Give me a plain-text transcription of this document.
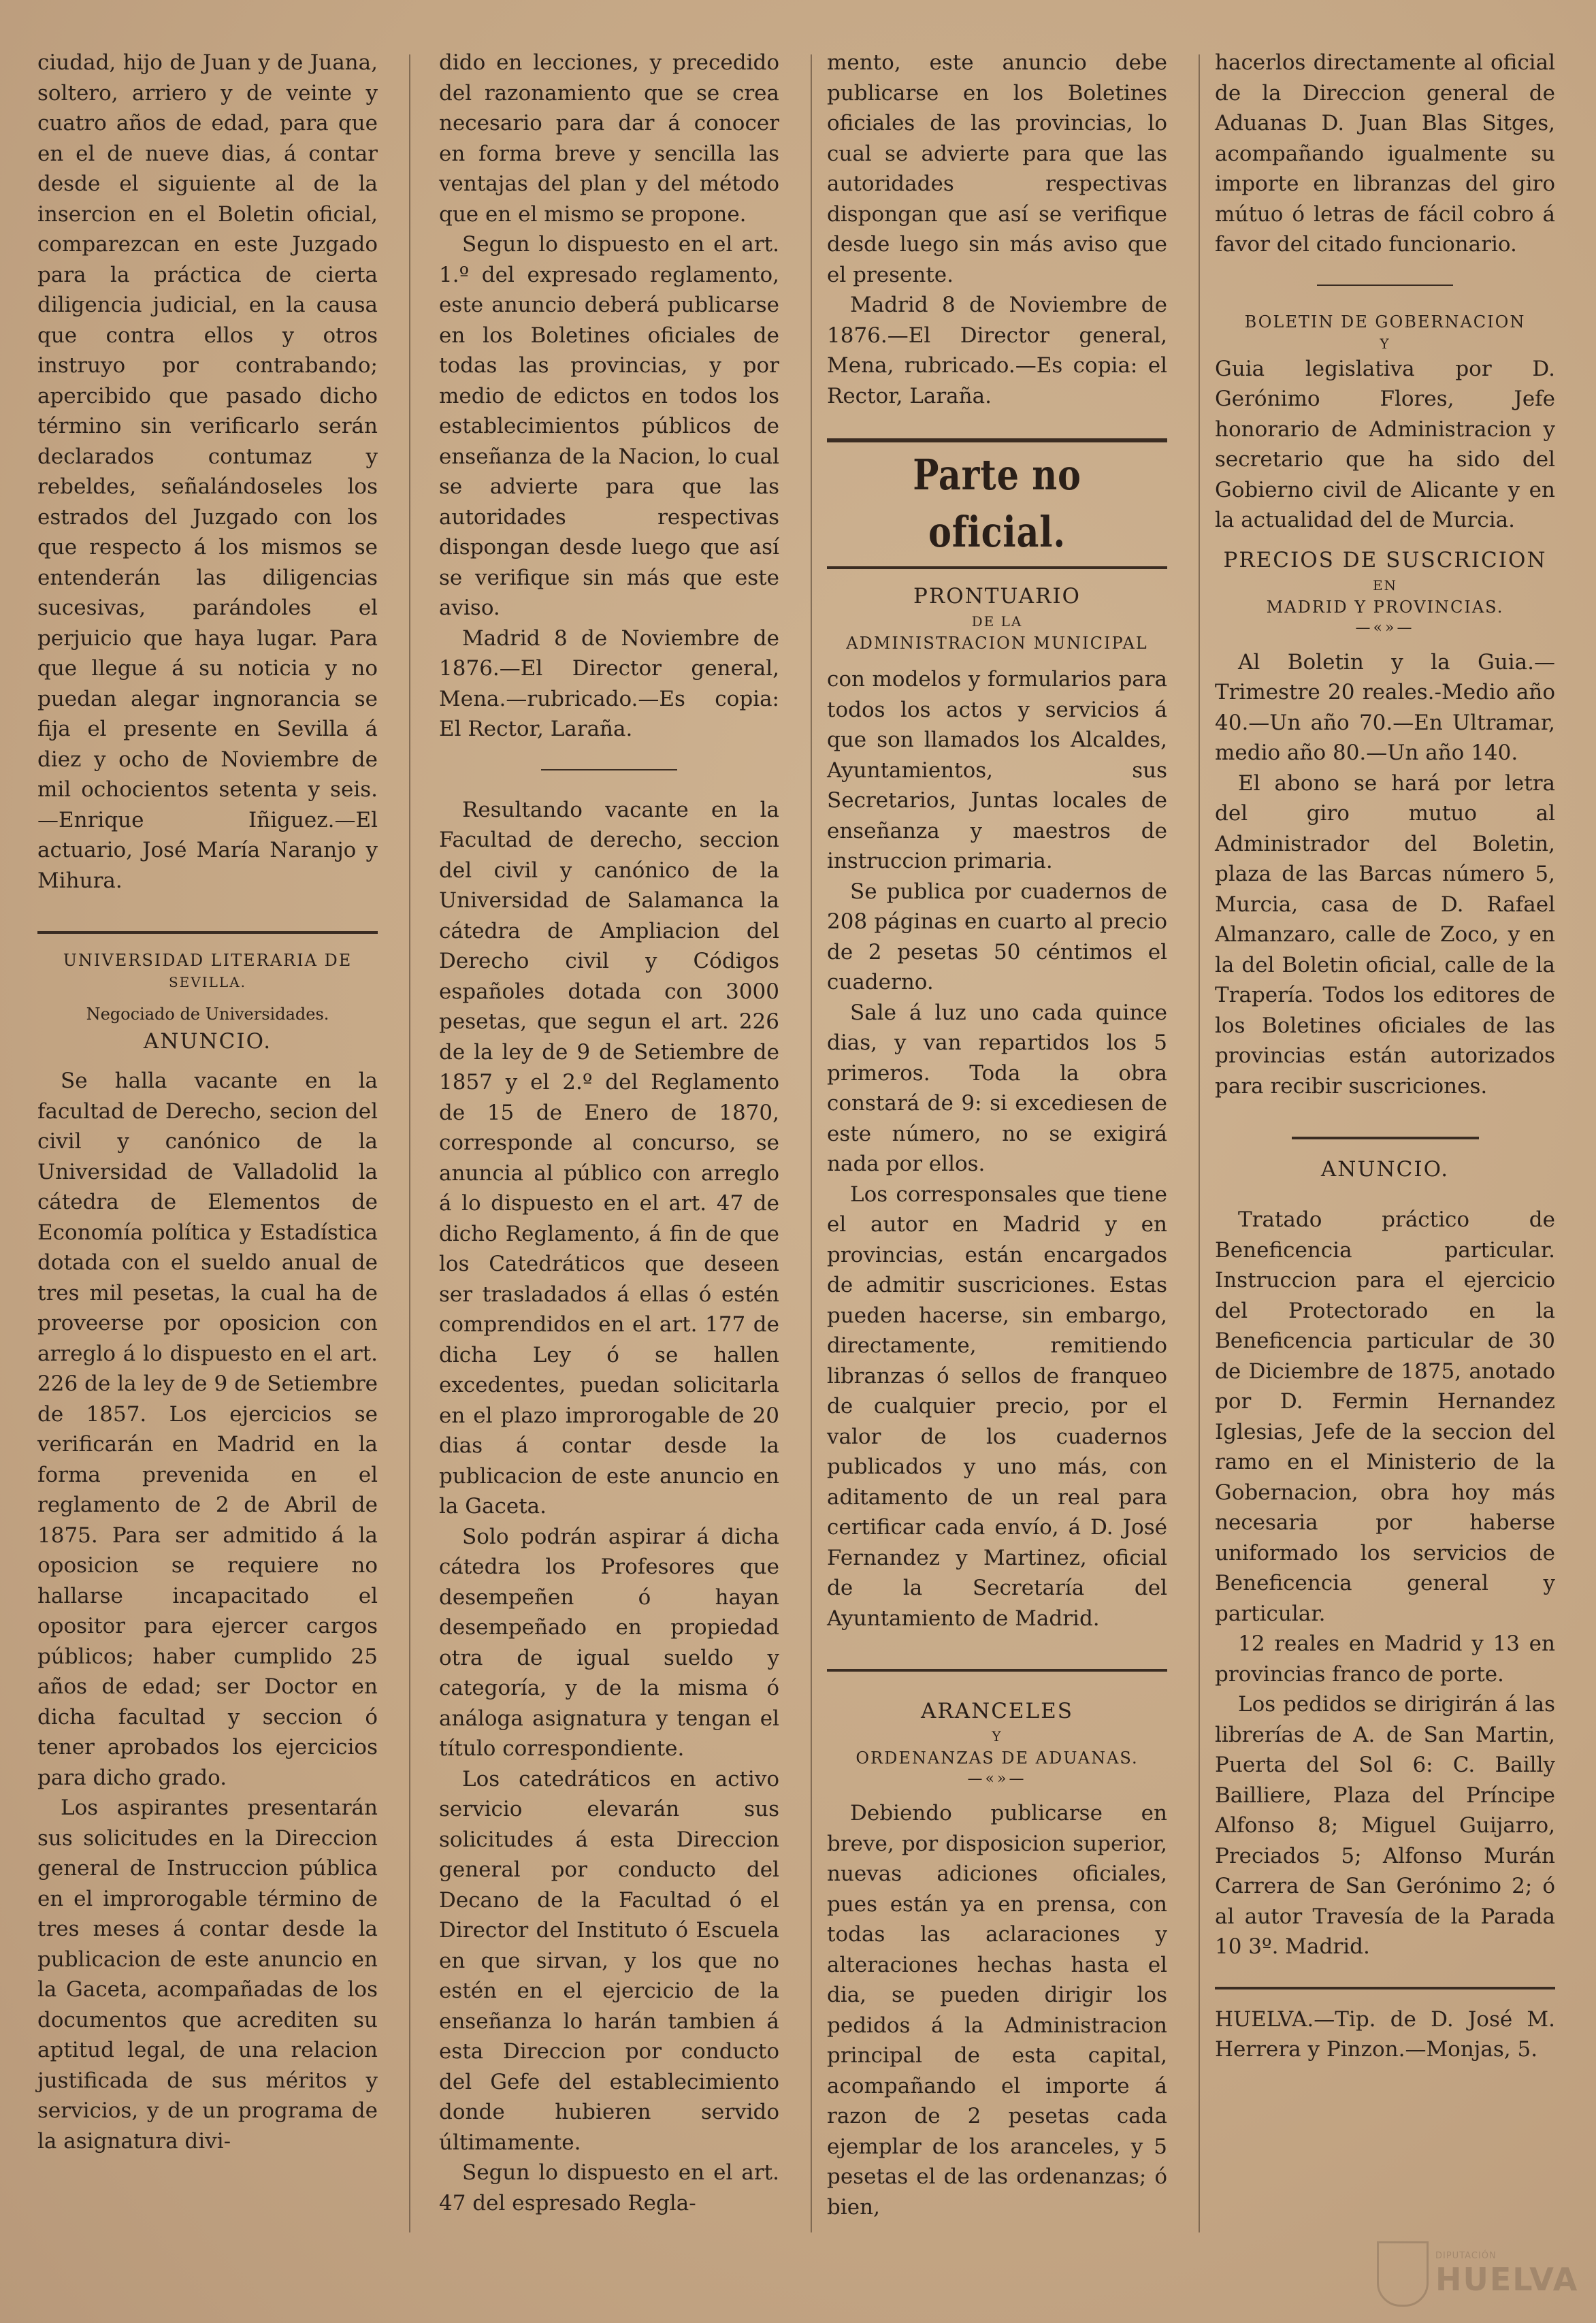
ciudad, hijo de Juan y de Juana, soltero, arriero y de veinte y cuatro años de edad, para que en el de nueve dias, á contar desde el siguiente al de la insercion en el Boletin oficial, comparezcan en este Juzgado para la práctica de cierta diligencia judicial, en la causa que contra ellos y otros instruyo por contrabando; apercibido que pasado dicho término sin verificarlo serán declarados contumaz y rebeldes, señalándoseles los estrados del Juzgado con los que respecto á los mismos se entenderán las diligencias sucesivas, parándoles el perjuicio que haya lugar. Para que llegue á su noticia y no puedan alegar ingnorancia se fija el presente en Sevilla á diez y ocho de Noviembre de mil ochocientos setenta y seis.—Enrique Iñiguez.—El actuario, José María Naranjo y Mihura.

UNIVERSIDAD LITERARIA DE
SEVILLA.
Negociado de Universidades.
ANUNCIO.

Se halla vacante en la facultad de Derecho, secion del civil y canónico de la Universidad de Valladolid la cátedra de Elementos de Economía política y Estadística dotada con el sueldo anual de tres mil pesetas, la cual ha de proveerse por oposicion con arreglo á lo dispuesto en el art. 226 de la ley de 9 de Setiembre de 1857. Los ejercicios se verificarán en Madrid en la forma prevenida en el reglamento de 2 de Abril de 1875. Para ser admitido á la oposicion se requiere no hallarse incapacitado el opositor para ejercer cargos públicos; haber cumplido 25 años de edad; ser Doctor en dicha facultad y seccion ó tener aprobados los ejercicios para dicho grado.

Los aspirantes presentarán sus solicitudes en la Direccion general de Instruccion pública en el improrogable término de tres meses á contar desde la publicacion de este anuncio en la Gaceta, acompañadas de los documentos que acrediten su aptitud legal, de una relacion justificada de sus méritos y servicios, y de un programa de la asignatura divi-

dido en lecciones, y precedido del razonamiento que se crea necesario para dar á conocer en forma breve y sencilla las ventajas del plan y del método que en el mismo se propone.

Segun lo dispuesto en el art. 1.º del expresado reglamento, este anuncio deberá publicarse en los Boletines oficiales de todas las provincias, y por medio de edictos en todos los establecimientos públicos de enseñanza de la Nacion, lo cual se advierte para que las autoridades respectivas dispongan desde luego que así se verifique sin más que este aviso.

Madrid 8 de Noviembre de 1876.—El Director general, Mena.—rubricado.—Es copia: El Rector, Laraña.

Resultando vacante en la Facultad de derecho, seccion del civil y canónico de la Universidad de Salamanca la cátedra de Ampliacion del Derecho civil y Códigos españoles dotada con 3000 pesetas, que segun el art. 226 de la ley de 9 de Setiembre de 1857 y el 2.º del Reglamento de 15 de Enero de 1870, corresponde al concurso, se anuncia al público con arreglo á lo dispuesto en el art. 47 de dicho Reglamento, á fin de que los Catedráticos que deseen ser trasladados á ellas ó estén comprendidos en el art. 177 de dicha Ley ó se hallen excedentes, puedan solicitarla en el plazo improrogable de 20 dias á contar desde la publicacion de este anuncio en la Gaceta.

Solo podrán aspirar á dicha cátedra los Profesores que desempeñen ó hayan desempeñado en propiedad otra de igual sueldo y categoría, y de la misma ó análoga asignatura y tengan el título correspondiente.

Los catedráticos en activo servicio elevarán sus solicitudes á esta Direccion general por conducto del Decano de la Facultad ó el Director del Instituto ó Escuela en que sirvan, y los que no estén en el ejercicio de la enseñanza lo harán tambien á esta Direccion por conducto del Gefe del establecimiento donde hubieren servido últimamente.

Segun lo dispuesto en el art. 47 del espresado Regla-

mento, este anuncio debe publicarse en los Boletines oficiales de las provincias, lo cual se advierte para que las autoridades respectivas dispongan que así se verifique desde luego sin más aviso que el presente.

Madrid 8 de Noviembre de 1876.—El Director general, Mena, rubricado.—Es copia: el Rector, Laraña.

Parte no oficial.
PRONTUARIO
DE LA
ADMINISTRACION MUNICIPAL

con modelos y formularios para todos los actos y servicios á que son llamados los Alcaldes, Ayuntamientos, sus Secretarios, Juntas locales de enseñanza y maestros de instruccion primaria.

Se publica por cuadernos de 208 páginas en cuarto al precio de 2 pesetas 50 céntimos el cuaderno.

Sale á luz uno cada quince dias, y van repartidos los 5 primeros. Toda la obra constará de 9: si excediesen de este número, no se exigirá nada por ellos.

Los corresponsales que tiene el autor en Madrid y en provincias, están encargados de admitir suscriciones. Estas pueden hacerse, sin embargo, directamente, remitiendo libranzas ó sellos de franqueo de cualquier precio, por el valor de los cuadernos publicados y uno más, con aditamento de un real para certificar cada envío, á D. José Fernandez y Martinez, oficial de la Secretaría del Ayuntamiento de Madrid.

ARANCELES
Y
ORDENANZAS DE ADUANAS.
—«»—

Debiendo publicarse en breve, por disposicion superior, nuevas adiciones oficiales, pues están ya en prensa, con todas las aclaraciones y alteraciones hechas hasta el dia, se pueden dirigir los pedidos á la Administracion principal de esta capital, acompañando el importe á razon de 2 pesetas cada ejemplar de los aranceles, y 5 pesetas el de las ordenanzas; ó bien,

hacerlos directamente al oficial de la Direccion general de Aduanas D. Juan Blas Sitges, acompañando igualmente su importe en libranzas del giro mútuo ó letras de fácil cobro á favor del citado funcionario.

BOLETIN DE GOBERNACION
Y

Guia legislativa por D. Gerónimo Flores, Jefe honorario de Administracion y secretario que ha sido del Gobierno civil de Alicante y en la actualidad del de Murcia.

PRECIOS DE SUSCRICION
EN
MADRID Y PROVINCIAS.
—«»—

Al Boletin y la Guia.—Trimestre 20 reales.-Medio año 40.—Un año 70.—En Ultramar, medio año 80.—Un año 140.

El abono se hará por letra del giro mutuo al Administrador del Boletin, plaza de las Barcas número 5, Murcia, casa de D. Rafael Almanzaro, calle de Zoco, y en la del Boletin oficial, calle de la Trapería. Todos los editores de los Boletines oficiales de las provincias están autorizados para recibir suscriciones.

ANUNCIO.

Tratado práctico de Beneficencia particular. Instruccion para el ejercicio del Protectorado en la Beneficencia particular de 30 de Diciembre de 1875, anotado por D. Fermin Hernandez Iglesias, Jefe de la seccion del ramo en el Ministerio de la Gobernacion, obra hoy más necesaria por haberse uniformado los servicios de Beneficencia general y particular.

12 reales en Madrid y 13 en provincias franco de porte.

Los pedidos se dirigirán á las librerías de A. de San Martin, Puerta del Sol 6: C. Bailly Bailliere, Plaza del Príncipe Alfonso 8; Miguel Guijarro, Preciados 5; Alfonso Murán Carrera de San Gerónimo 2; ó al autor Travesía de la Parada 10 3º. Madrid.

HUELVA.—Tip. de D. José M. Herrera y Pinzon.—Monjas, 5.

DIPUTACIÓN
HUELVA
